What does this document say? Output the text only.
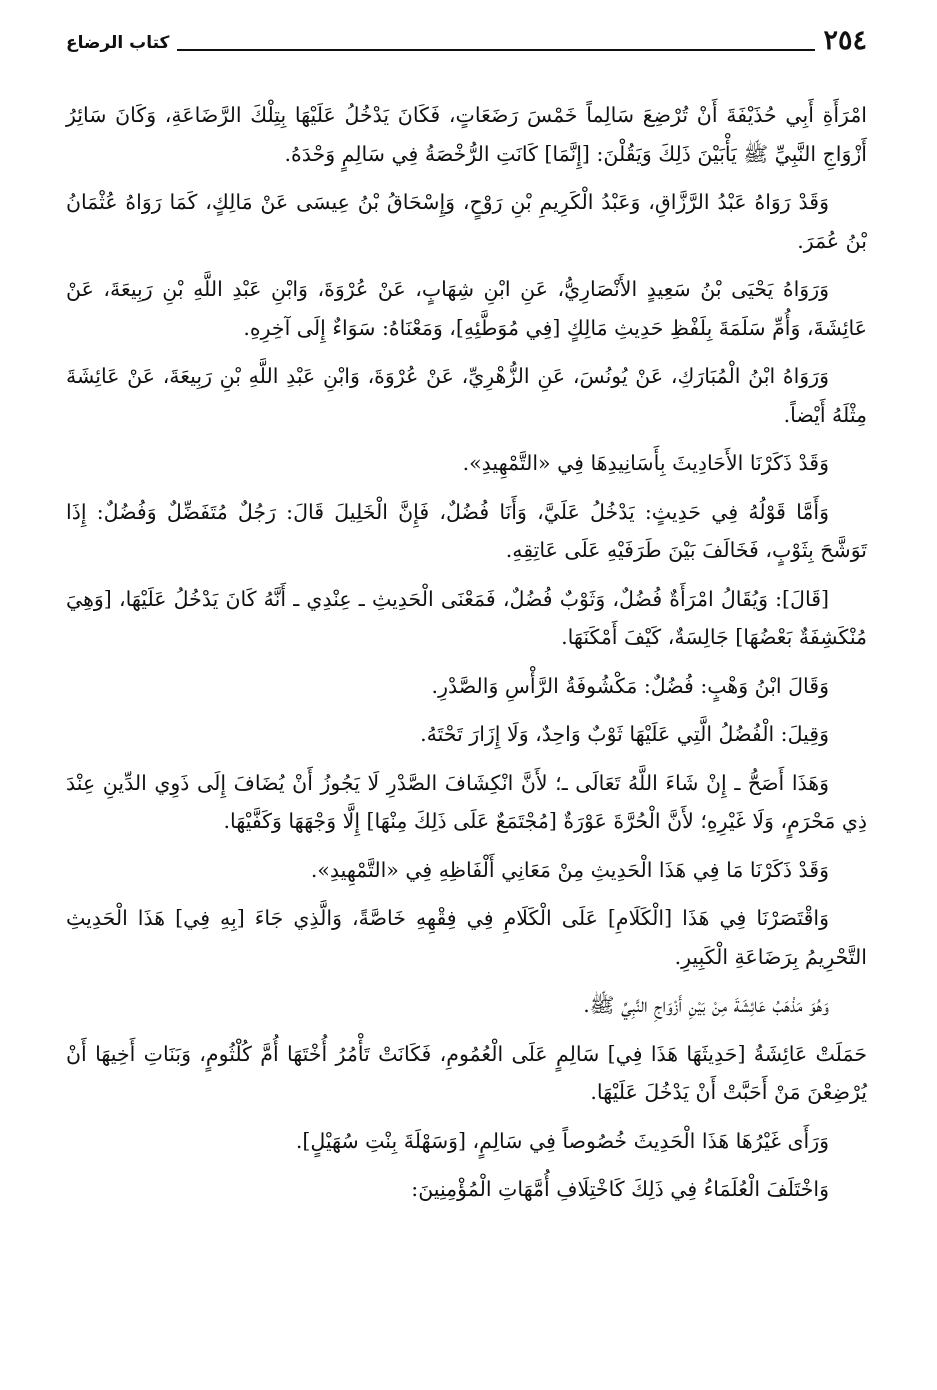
٢٥٤
كتاب الرضاع

امْرَأَةِ أَبِي حُذَيْفَةَ أَنْ تُرْضِعَ سَالِماً خَمْسَ رَضَعَاتٍ، فَكَانَ يَدْخُلُ عَلَيْهَا بِتِلْكَ الرَّضَاعَةِ، وَكَانَ سَائِرُ أَزْوَاجِ النَّبِيِّ ﷺ يَأْبَيْنَ ذَلِكَ وَيَقُلْنَ: [إِنَّمَا] كَانَتِ الرُّخْصَةُ فِي سَالِمٍ وَحْدَهُ.

وَقَدْ رَوَاهُ عَبْدُ الرَّزَّاقِ، وَعَبْدُ الْكَرِيمِ بْنِ رَوْحٍ، وَإِسْحَاقُ بْنُ عِيسَى عَنْ مَالِكٍ، كَمَا رَوَاهُ عُثْمَانُ بْنُ عُمَرَ.

وَرَوَاهُ يَحْيَى بْنُ سَعِيدٍ الأَنْصَارِيُّ، عَنِ ابْنِ شِهَابٍ، عَنْ عُرْوَةَ، وَابْنِ عَبْدِ اللَّهِ بْنِ رَبِيعَةَ، عَنْ عَائِشَةَ، وَأُمِّ سَلَمَةَ بِلَفْظِ حَدِيثِ مَالِكٍ [فِي مُوَطَّئِهِ]، وَمَعْنَاهُ: سَوَاءٌ إِلَى آخِرِهِ.

وَرَوَاهُ ابْنُ الْمُبَارَكِ، عَنْ يُونُسَ، عَنِ الزُّهْرِيِّ، عَنْ عُرْوَةَ، وَابْنِ عَبْدِ اللَّهِ بْنِ رَبِيعَةَ، عَنْ عَائِشَةَ مِثْلَهُ أَيْضاً.

وَقَدْ ذَكَرْنَا الأَحَادِيثَ بِأَسَانِيدِهَا فِي «التَّمْهِيدِ».

وَأَمَّا قَوْلُهُ فِي حَدِيثٍ: يَدْخُلُ عَلَيَّ، وَأَنَا فُضُلٌ، فَإِنَّ الْخَلِيلَ قَالَ: رَجُلٌ مُتَفَضِّلٌ وَفُضُلٌ: إِذَا تَوَشَّحَ بِثَوْبٍ، فَخَالَفَ بَيْنَ طَرَفَيْهِ عَلَى عَاتِقِهِ.

[قَالَ]: وَيُقَالُ امْرَأَةٌ فُضُلٌ، وَثَوْبٌ فُضُلٌ، فَمَعْنَى الْحَدِيثِ ـ عِنْدِي ـ أَنَّهُ كَانَ يَدْخُلُ عَلَيْهَا، [وَهِيَ مُنْكَشِفَةٌ بَعْضُهَا] جَالِسَةٌ، كَيْفَ أَمْكَنَهَا.

وَقَالَ ابْنُ وَهْبٍ: فُضُلٌ: مَكْشُوفَةُ الرَّأْسِ وَالصَّدْرِ.

وَقِيلَ: الْفُضُلُ الَّتِي عَلَيْهَا ثَوْبٌ وَاحِدٌ، وَلَا إِزَارَ تَحْتَهُ.

وَهَذَا أَصَحُّ ـ إِنْ شَاءَ اللَّهُ تَعَالَى ـ؛ لأَنَّ انْكِشَافَ الصَّدْرِ لَا يَجُوزُ أَنْ يُضَافَ إِلَى ذَوِي الدِّينِ عِنْدَ ذِي مَحْرَمٍ، وَلَا غَيْرِهِ؛ لأَنَّ الْحُرَّةَ عَوْرَةٌ [مُجْتَمَعٌ عَلَى ذَلِكَ مِنْهَا] إِلَّا وَجْهَهَا وَكَفَّيْهَا.

وَقَدْ ذَكَرْنَا مَا فِي هَذَا الْحَدِيثِ مِنْ مَعَانِي أَلْفَاظِهِ فِي «التَّمْهِيدِ».

وَاقْتَصَرْنَا فِي هَذَا [الْكَلَامِ] عَلَى الْكَلَامِ فِي فِقْهِهِ خَاصَّةً، وَالَّذِي جَاءَ [بِهِ فِي] هَذَا الْحَدِيثِ التَّحْرِيمُ بِرَضَاعَةِ الْكَبِيرِ.

وَهُوَ مَذْهَبُ عَائِشَةَ مِنْ بَيْنِ أَزْوَاجِ النَّبِيِّ ﷺ.

حَمَلَتْ عَائِشَةُ [حَدِيثَهَا هَذَا فِي] سَالِمٍ عَلَى الْعُمُومِ، فَكَانَتْ تَأْمُرُ أُخْتَهَا أُمَّ كُلْثُومٍ، وَبَنَاتِ أَخِيهَا أَنْ يُرْضِعْنَ مَنْ أَحَبَّتْ أَنْ يَدْخُلَ عَلَيْهَا.

وَرَأَى غَيْرُهَا هَذَا الْحَدِيثَ خُصُوصاً فِي سَالِمٍ، [وَسَهْلَةَ بِنْتِ سُهَيْلٍ].

وَاخْتَلَفَ الْعُلَمَاءُ فِي ذَلِكَ كَاخْتِلَافِ أُمَّهَاتِ الْمُؤْمِنِينَ:
